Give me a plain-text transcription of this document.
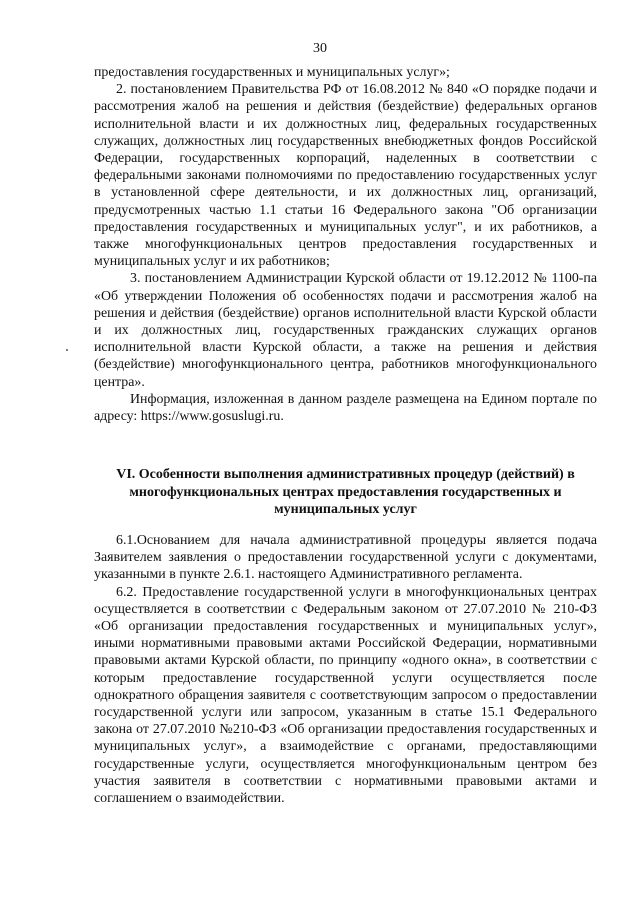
30

предоставления государственных и муниципальных услуг»;

2. постановлением Правительства РФ от 16.08.2012 № 840 «О порядке подачи и рассмотрения жалоб на решения и действия (бездействие) федеральных органов исполнительной власти и их должностных лиц, федеральных государственных служащих, должностных лиц государственных внебюджетных фондов Российской Федерации, государственных корпораций, наделенных в соответствии с федеральными законами полномочиями по предоставлению государственных услуг в установленной сфере деятельности, и их должностных лиц, организаций, предусмотренных частью 1.1 статьи 16 Федерального закона "Об организации предоставления государственных и муниципальных услуг", и их работников, а также многофункциональных центров предоставления государственных и муниципальных услуг и их работников;

3. постановлением Администрации Курской области от 19.12.2012 № 1100-па «Об утверждении Положения об особенностях подачи и рассмотрения жалоб на решения и действия (бездействие) органов исполнительной власти Курской области и их должностных лиц, государственных гражданских служащих органов исполнительной власти Курской области, а также на решения и действия (бездействие) многофункционального центра, работников многофункционального центра».

Информация, изложенная в данном разделе размещена на Едином портале по адресу: https://www.gosuslugi.ru.

VI. Особенности выполнения административных процедур (действий) в многофункциональных центрах предоставления государственных и муниципальных услуг

6.1.Основанием для начала административной процедуры является подача Заявителем заявления о предоставлении государственной услуги с документами, указанными в пункте 2.6.1. настоящего Административного регламента.

6.2. Предоставление государственной услуги в многофункциональных центрах осуществляется в соответствии с Федеральным законом от 27.07.2010 № 210-ФЗ «Об организации предоставления государственных и муниципальных услуг», иными нормативными правовыми актами Российской Федерации, нормативными правовыми актами Курской области, по принципу «одного окна», в соответствии с которым предоставление государственной услуги осуществляется после однократного обращения заявителя с соответствующим запросом о предоставлении государственной услуги или запросом, указанным в статье 15.1 Федерального закона от 27.07.2010 №210-ФЗ «Об организации предоставления государственных и муниципальных услуг», а взаимодействие с органами, предоставляющими государственные услуги, осуществляется многофункциональным центром без участия заявителя в соответствии с нормативными правовыми актами и соглашением о взаимодействии.
